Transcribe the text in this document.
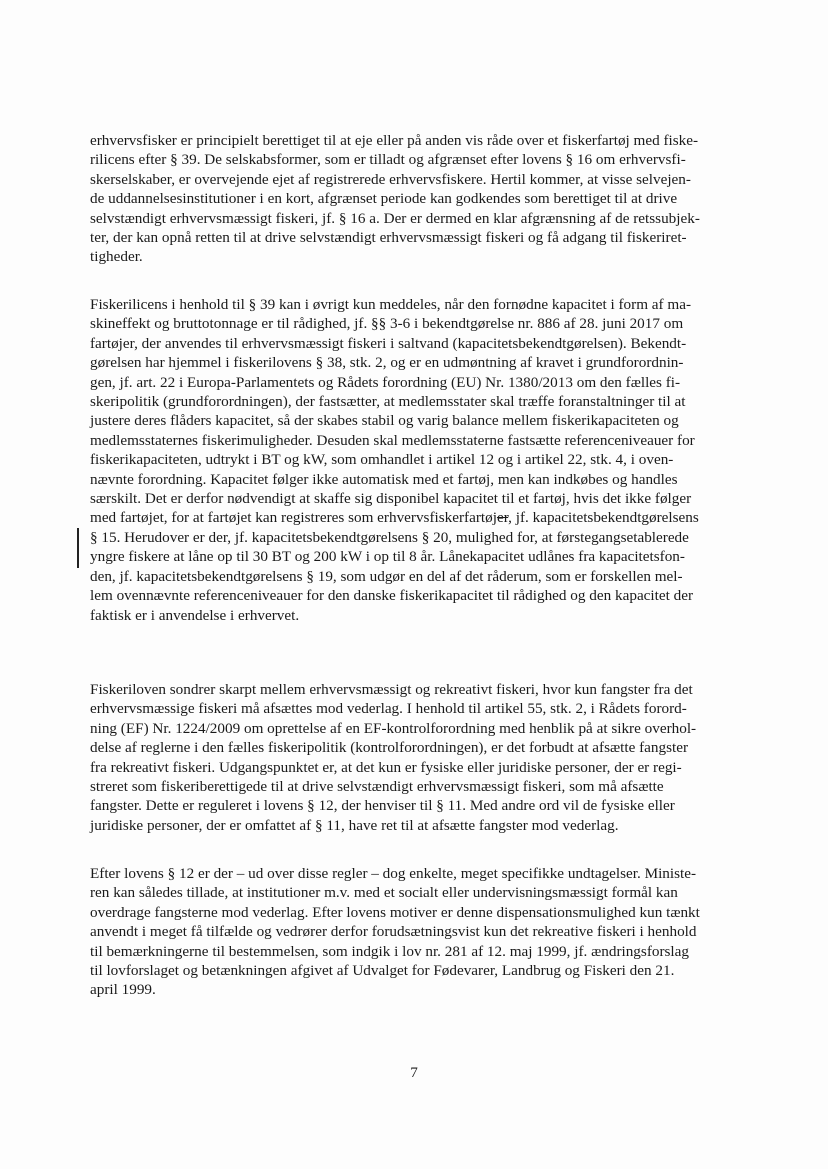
erhvervsfisker er principielt berettiget til at eje eller på anden vis råde over et fiskerfartøj med fiske-
rilicens efter § 39. De selskabsformer, som er tilladt og afgrænset efter lovens § 16 om erhvervsfi-
skerselskaber, er overvejende ejet af registrerede erhvervsfiskere. Hertil kommer, at visse selvejen-
de uddannelsesinstitutioner i en kort, afgrænset periode kan godkendes som berettiget til at drive
selvstændigt erhvervsmæssigt fiskeri, jf. § 16 a. Der er dermed en klar afgrænsning af de retssubjek-
ter, der kan opnå retten til at drive selvstændigt erhvervsmæssigt fiskeri og få adgang til fiskeriret-
tigheder.
Fiskerilicens i henhold til § 39 kan i øvrigt kun meddeles, når den fornødne kapacitet i form af ma-
skineffekt og bruttotonnage er til rådighed, jf. §§ 3-6 i bekendtgørelse nr. 886 af 28. juni 2017 om
fartøjer, der anvendes til erhvervsmæssigt fiskeri i saltvand (kapacitetsbekendtgørelsen). Bekendt-
gørelsen har hjemmel i fiskerilovens § 38, stk. 2, og er en udmøntning af kravet i grundforordnin-
gen, jf. art. 22 i Europa-Parlamentets og Rådets forordning (EU) Nr. 1380/2013 om den fælles fi-
skeripolitik (grundforordningen), der fastsætter, at medlemsstater skal træffe foranstaltninger til at
justere deres flåders kapacitet, så der skabes stabil og varig balance mellem fiskerikapaciteten og
medlemsstaternes fiskerimuligheder. Desuden skal medlemsstaterne fastsætte referenceniveauer for
fiskerikapaciteten, udtrykt i BT og kW, som omhandlet i artikel 12 og i artikel 22, stk. 4, i oven-
nævnte forordning. Kapacitet følger ikke automatisk med et fartøj, men kan indkøbes og handles
særskilt. Det er derfor nødvendigt at skaffe sig disponibel kapacitet til et fartøj, hvis det ikke følger
med fartøjet, for at fartøjet kan registreres som erhvervsfiskerfartøjer, jf. kapacitetsbekendtgørelsens
§ 15. Herudover er der, jf. kapacitetsbekendtgørelsens § 20, mulighed for, at førstegangsetablerede
yngre fiskere at låne op til 30 BT og 200 kW i op til 8 år. Lånekapacitet udlånes fra kapacitetsfon-
den, jf. kapacitetsbekendtgørelsens § 19, som udgør en del af det råderum, som er forskellen mel-
lem ovennævnte referenceniveauer for den danske fiskerikapacitet til rådighed og den kapacitet der
faktisk er i anvendelse i erhvervet.
Fiskeriloven sondrer skarpt mellem erhvervsmæssigt og rekreativt fiskeri, hvor kun fangster fra det
erhvervsmæssige fiskeri må afsættes mod vederlag. I henhold til artikel 55, stk. 2, i Rådets forord-
ning (EF) Nr. 1224/2009 om oprettelse af en EF-kontrolforordning med henblik på at sikre overhol-
delse af reglerne i den fælles fiskeripolitik (kontrolforordningen), er det forbudt at afsætte fangster
fra rekreativt fiskeri. Udgangspunktet er, at det kun er fysiske eller juridiske personer, der er regi-
streret som fiskeriberettigede til at drive selvstændigt erhvervsmæssigt fiskeri, som må afsætte
fangster. Dette er reguleret i lovens § 12, der henviser til § 11. Med andre ord vil de fysiske eller
juridiske personer, der er omfattet af § 11, have ret til at afsætte fangster mod vederlag.
Efter lovens § 12 er der – ud over disse regler – dog enkelte, meget specifikke undtagelser. Ministe-
ren kan således tillade, at institutioner m.v. med et socialt eller undervisningsmæssigt formål kan
overdrage fangsterne mod vederlag. Efter lovens motiver er denne dispensationsmulighed kun tænkt
anvendt i meget få tilfælde og vedrører derfor forudsætningsvist kun det rekreative fiskeri i henhold
til bemærkningerne til bestemmelsen, som indgik i lov nr. 281 af 12. maj 1999, jf. ændringsforslag
til lovforslaget og betænkningen afgivet af Udvalget for Fødevarer, Landbrug og Fiskeri den 21.
april 1999.
7
